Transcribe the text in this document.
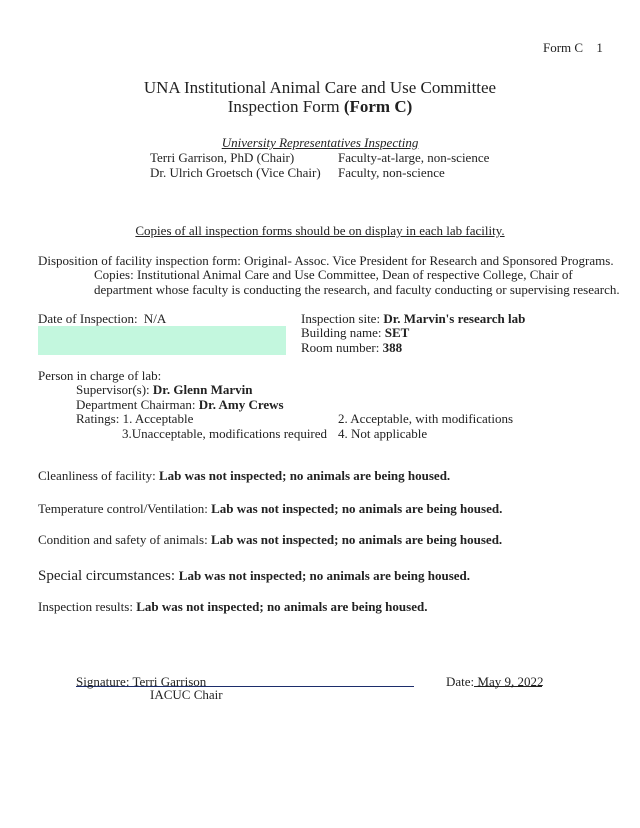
Form C 1
UNA Institutional Animal Care and Use Committee
Inspection Form (Form C)
University Representatives Inspecting
Terri Garrison, PhD (Chair)	Faculty-at-large, non-science
Dr. Ulrich Groetsch (Vice Chair) Faculty, non-science
Copies of all inspection forms should be on display in each lab facility.
Disposition of facility inspection form: Original- Assoc. Vice President for Research and Sponsored Programs.
Copies: Institutional Animal Care and Use Committee, Dean of respective College, Chair of
department whose faculty is conducting the research, and faculty conducting or supervising research.
Date of Inspection: N/A	Inspection site: Dr. Marvin's research lab
Building name: SET
Room number: 388
Person in charge of lab:
Supervisor(s): Dr. Glenn Marvin
Department Chairman: Dr. Amy Crews
Ratings: 1. Acceptable	2. Acceptable, with modifications
3.Unacceptable, modifications required 4. Not applicable
Cleanliness of facility: Lab was not inspected; no animals are being housed.
Temperature control/Ventilation: Lab was not inspected; no animals are being housed.
Condition and safety of animals: Lab was not inspected; no animals are being housed.
Special circumstances: Lab was not inspected; no animals are being housed.
Inspection results: Lab was not inspected; no animals are being housed.
Signature: Terri Garrison
IACUC Chair
Date: May 9, 2022
